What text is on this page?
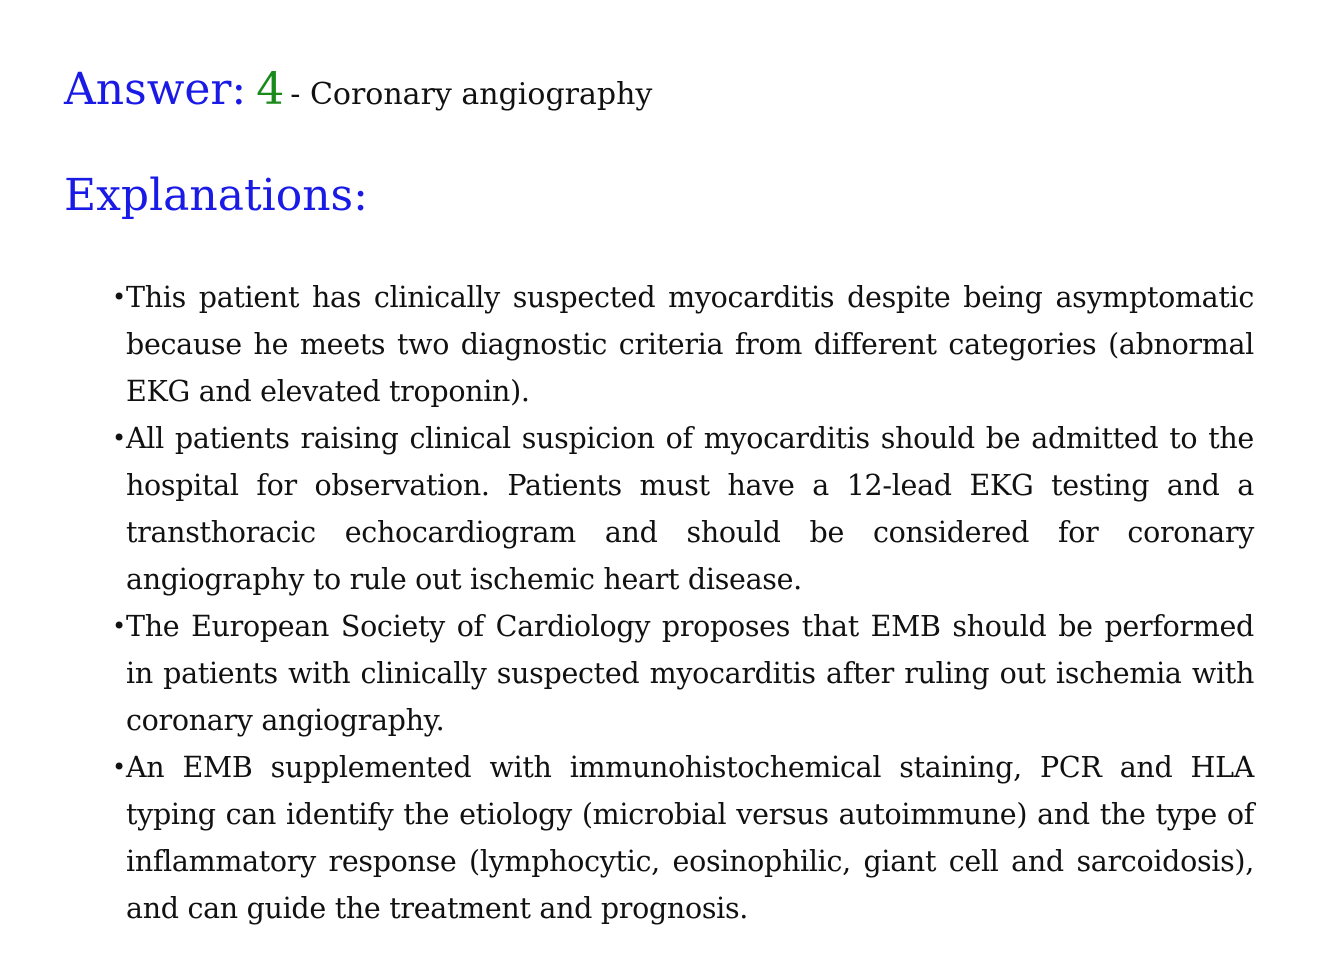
Answer: 4 - Coronary angiography
Explanations:
• This patient has clinically suspected myocarditis despite being asymptomatic because he meets two diagnostic criteria from different categories (abnormal EKG and elevated troponin).
• All patients raising clinical suspicion of myocarditis should be admitted to the hospital for observation. Patients must have a 12-lead EKG testing and a transthoracic echocardiogram and should be considered for coronary angiography to rule out ischemic heart disease.
• The European Society of Cardiology proposes that EMB should be performed in patients with clinically suspected myocarditis after ruling out ischemia with coronary angiography.
• An EMB supplemented with immunohistochemical staining, PCR and HLA typing can identify the etiology (microbial versus autoimmune) and the type of inflammatory response (lymphocytic, eosinophilic, giant cell and sarcoidosis), and can guide the treatment and prognosis.
